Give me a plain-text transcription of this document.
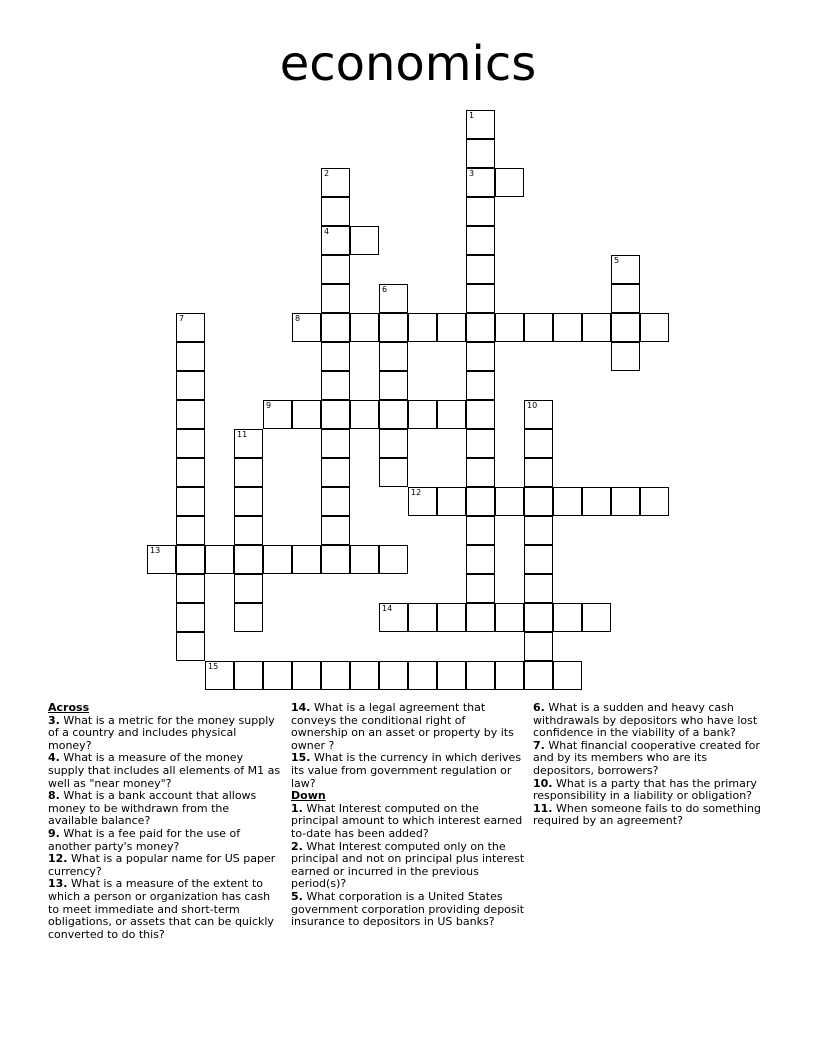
economics
1
3
2
4
5
6
7	8
9	10
11
12
13
14
15
Across
3. What is a metric for the money supply of a country and includes physical money?
4. What is a measure of the money supply that includes all elements of M1 as well as "near money"?
8. What is a bank account that allows money to be withdrawn from the available balance?
9. What is a fee paid for the use of another party's money?
12. What is a popular name for US paper currency?
13. What is a measure of the extent to which a person or organization has cash to meet immediate and short-term obligations, or assets that can be quickly converted to do this?
14. What is a legal agreement that conveys the conditional right of ownership on an asset or property by its owner ?
15. What is the currency in which derives its value from government regulation or law?
Down
1. What Interest computed on the principal amount to which interest earned to-date has been added?
2. What Interest computed only on the principal and not on principal plus interest earned or incurred in the previous period(s)?
5. What corporation is a United States government corporation providing deposit insurance to depositors in US banks?
6. What is a sudden and heavy cash withdrawals by depositors who have lost confidence in the viability of a bank?
7. What financial cooperative created for and by its members who are its depositors, borrowers?
10. What is a party that has the primary responsibility in a liability or obligation?
11. When someone fails to do something required by an agreement?
